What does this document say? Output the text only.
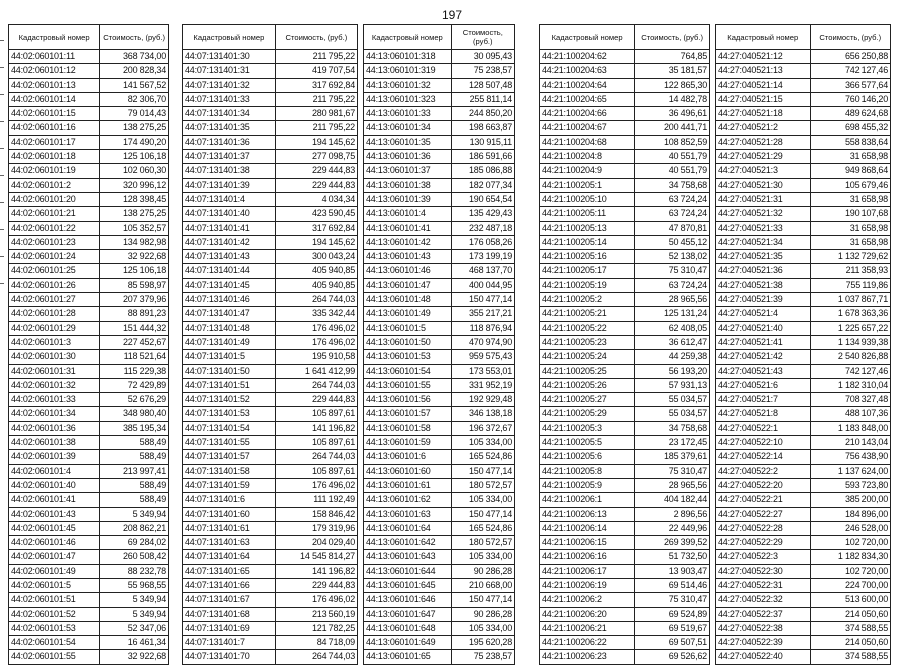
197
Кадастровый номер	Стоимость, (руб.)
44:02:060101:11	368 734,00
44:02:060101:12	200 828,34
44:02:060101:13	141 567,52
44:02:060101:14	82 306,70
44:02:060101:15	79 014,43
44:02:060101:16	138 275,25
44:02:060101:17	174 490,20
44:02:060101:18	125 106,18
44:02:060101:19	102 060,30
44:02:060101:2	320 996,12
44:02:060101:20	128 398,45
44:02:060101:21	138 275,25
44:02:060101:22	105 352,57
44:02:060101:23	134 982,98
44:02:060101:24	32 922,68
44:02:060101:25	125 106,18
44:02:060101:26	85 598,97
44:02:060101:27	207 379,96
44:02:060101:28	88 891,23
44:02:060101:29	151 444,32
44:02:060101:3	227 452,67
44:02:060101:30	118 521,64
44:02:060101:31	115 229,38
44:02:060101:32	72 429,89
44:02:060101:33	52 676,29
44:02:060101:34	348 980,40
44:02:060101:36	385 195,34
44:02:060101:38	588,49
44:02:060101:39	588,49
44:02:060101:4	213 997,41
44:02:060101:40	588,49
44:02:060101:41	588,49
44:02:060101:43	5 349,94
44:02:060101:45	208 862,21
44:02:060101:46	69 284,02
44:02:060101:47	260 508,42
44:02:060101:49	88 232,78
44:02:060101:5	55 968,55
44:02:060101:51	5 349,94
44:02:060101:52	5 349,94
44:02:060101:53	52 347,06
44:02:060101:54	16 461,34
44:02:060101:55	32 922,68
Кадастровый номер	Стоимость, (руб.)
44:07:131401:30	211 795,22
44:07:131401:31	419 707,54
44:07:131401:32	317 692,84
44:07:131401:33	211 795,22
44:07:131401:34	280 981,67
44:07:131401:35	211 795,22
44:07:131401:36	194 145,62
44:07:131401:37	277 098,75
44:07:131401:38	229 444,83
44:07:131401:39	229 444,83
44:07:131401:4	4 034,34
44:07:131401:40	423 590,45
44:07:131401:41	317 692,84
44:07:131401:42	194 145,62
44:07:131401:43	300 043,24
44:07:131401:44	405 940,85
44:07:131401:45	405 940,85
44:07:131401:46	264 744,03
44:07:131401:47	335 342,44
44:07:131401:48	176 496,02
44:07:131401:49	176 496,02
44:07:131401:5	195 910,58
44:07:131401:50	1 641 412,99
44:07:131401:51	264 744,03
44:07:131401:52	229 444,83
44:07:131401:53	105 897,61
44:07:131401:54	141 196,82
44:07:131401:55	105 897,61
44:07:131401:57	264 744,03
44:07:131401:58	105 897,61
44:07:131401:59	176 496,02
44:07:131401:6	111 192,49
44:07:131401:60	158 846,42
44:07:131401:61	179 319,96
44:07:131401:63	204 029,40
44:07:131401:64	14 545 814,27
44:07:131401:65	141 196,82
44:07:131401:66	229 444,83
44:07:131401:67	176 496,02
44:07:131401:68	213 560,19
44:07:131401:69	121 782,25
44:07:131401:7	84 718,09
44:07:131401:70	264 744,03
Кадастровый номер	Стоимость, (руб.)
44:13:060101:318	30 095,43
44:13:060101:319	75 238,57
44:13:060101:32	128 507,48
44:13:060101:323	255 811,14
44:13:060101:33	244 850,20
44:13:060101:34	198 663,87
44:13:060101:35	130 915,11
44:13:060101:36	186 591,66
44:13:060101:37	185 086,88
44:13:060101:38	182 077,34
44:13:060101:39	190 654,54
44:13:060101:4	135 429,43
44:13:060101:41	232 487,18
44:13:060101:42	176 058,26
44:13:060101:43	173 199,19
44:13:060101:46	468 137,70
44:13:060101:47	400 044,95
44:13:060101:48	150 477,14
44:13:060101:49	355 217,21
44:13:060101:5	118 876,94
44:13:060101:50	470 974,90
44:13:060101:53	959 575,43
44:13:060101:54	173 553,01
44:13:060101:55	331 952,19
44:13:060101:56	192 929,48
44:13:060101:57	346 138,18
44:13:060101:58	196 372,67
44:13:060101:59	105 334,00
44:13:060101:6	165 524,86
44:13:060101:60	150 477,14
44:13:060101:61	180 572,57
44:13:060101:62	105 334,00
44:13:060101:63	150 477,14
44:13:060101:64	165 524,86
44:13:060101:642	180 572,57
44:13:060101:643	105 334,00
44:13:060101:644	90 286,28
44:13:060101:645	210 668,00
44:13:060101:646	150 477,14
44:13:060101:647	90 286,28
44:13:060101:648	105 334,00
44:13:060101:649	195 620,28
44:13:060101:65	75 238,57
Кадастровый номер	Стоимость, (руб.)
44:21:100204:62	764,85
44:21:100204:63	35 181,57
44:21:100204:64	122 865,30
44:21:100204:65	14 482,78
44:21:100204:66	36 496,61
44:21:100204:67	200 441,71
44:21:100204:68	108 852,59
44:21:100204:8	40 551,79
44:21:100204:9	40 551,79
44:21:100205:1	34 758,68
44:21:100205:10	63 724,24
44:21:100205:11	63 724,24
44:21:100205:13	47 870,81
44:21:100205:14	50 455,12
44:21:100205:16	52 138,02
44:21:100205:17	75 310,47
44:21:100205:19	63 724,24
44:21:100205:2	28 965,56
44:21:100205:21	125 131,24
44:21:100205:22	62 408,05
44:21:100205:23	36 612,47
44:21:100205:24	44 259,38
44:21:100205:25	56 193,20
44:21:100205:26	57 931,13
44:21:100205:27	55 034,57
44:21:100205:29	55 034,57
44:21:100205:3	34 758,68
44:21:100205:5	23 172,45
44:21:100205:6	185 379,61
44:21:100205:8	75 310,47
44:21:100205:9	28 965,56
44:21:100206:1	404 182,44
44:21:100206:13	2 896,56
44:21:100206:14	22 449,96
44:21:100206:15	269 399,52
44:21:100206:16	51 732,50
44:21:100206:17	13 903,47
44:21:100206:19	69 514,46
44:21:100206:2	75 310,47
44:21:100206:20	69 524,89
44:21:100206:21	69 519,67
44:21:100206:22	69 507,51
44:21:100206:23	69 526,62
Кадастровый номер	Стоимость, (руб.)
44:27:040521:12	656 250,88
44:27:040521:13	742 127,46
44:27:040521:14	366 577,64
44:27:040521:15	760 146,20
44:27:040521:18	489 624,68
44:27:040521:2	698 455,32
44:27:040521:28	558 838,64
44:27:040521:29	31 658,98
44:27:040521:3	949 868,64
44:27:040521:30	105 679,46
44:27:040521:31	31 658,98
44:27:040521:32	190 107,68
44:27:040521:33	31 658,98
44:27:040521:34	31 658,98
44:27:040521:35	1 132 729,62
44:27:040521:36	211 358,93
44:27:040521:38	755 119,86
44:27:040521:39	1 037 867,71
44:27:040521:4	1 678 363,36
44:27:040521:40	1 225 657,22
44:27:040521:41	1 134 939,38
44:27:040521:42	2 540 826,88
44:27:040521:43	742 127,46
44:27:040521:6	1 182 310,04
44:27:040521:7	708 327,48
44:27:040521:8	488 107,36
44:27:040522:1	1 183 848,00
44:27:040522:10	210 143,04
44:27:040522:14	756 438,90
44:27:040522:2	1 137 624,00
44:27:040522:20	593 723,80
44:27:040522:21	385 200,00
44:27:040522:27	184 896,00
44:27:040522:28	246 528,00
44:27:040522:29	102 720,00
44:27:040522:3	1 182 834,30
44:27:040522:30	102 720,00
44:27:040522:31	224 700,00
44:27:040522:32	513 600,00
44:27:040522:37	214 050,60
44:27:040522:38	374 588,55
44:27:040522:39	214 050,60
44:27:040522:40	374 588,55
